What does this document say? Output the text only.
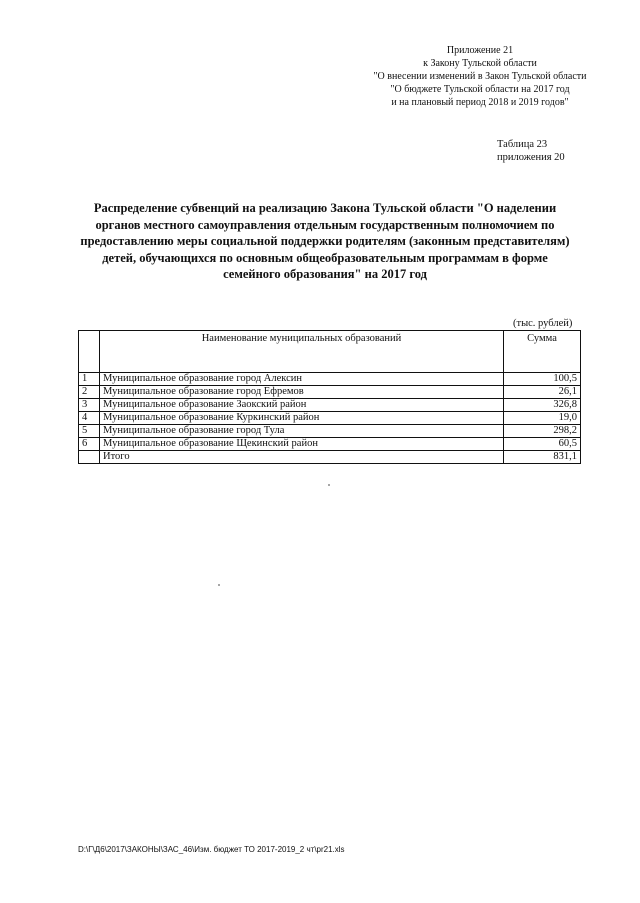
Приложение 21
к Закону Тульской области
"О внесении изменений в Закон Тульской области
"О бюджете Тульской области на 2017 год
и на плановый период 2018 и 2019 годов"
Таблица 23
приложения 20
Распределение субвенций на реализацию Закона Тульской области "О наделении
органов местного самоуправления отдельным государственным полномочием по
предоставлению меры социальной поддержки родителям (законным представителям)
детей, обучающихся по основным общеобразовательным программам в форме
семейного образования" на 2017 год
(тыс. рублей)
	Наименование муниципальных образований	Сумма
1	Муниципальное образование город Алексин	100,5
2	Муниципальное образование город Ефремов	26,1
3	Муниципальное образование Заокский район	326,8
4	Муниципальное образование Куркинский район	19,0
5	Муниципальное образование город Тула	298,2
6	Муниципальное образование Щекинский район	60,5
	Итого	831,1
D:\Г\Д6\2017\ЗАКОНЫ\ЗАС_46\Изм. бюджет ТО 2017-2019_2 чт\pr21.xls
